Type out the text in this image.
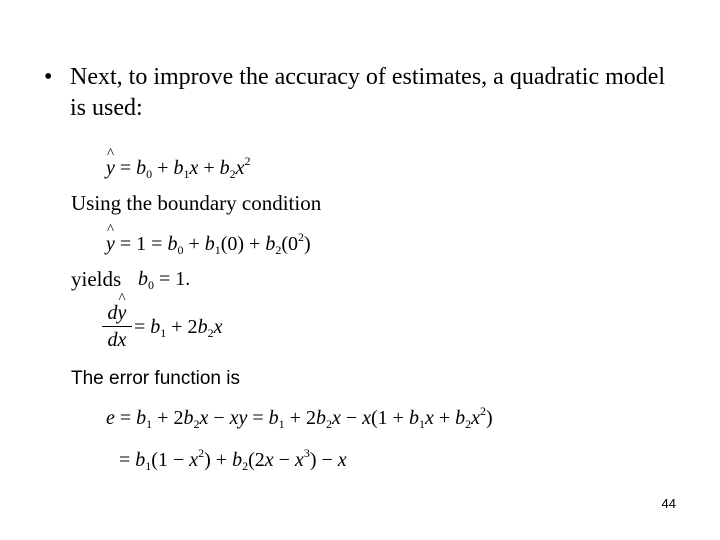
• Next, to improve the accuracy of estimates, a quadratic model is used:
^ $y = b_0 + b_1x + b_2x^2$
Using the boundary condition
^ $y = 1 = b_0 + b_1(0) + b_2(0^2)$
yields $b_0 = 1$.
d^ y
dx
= $b_1 + 2b_2x$
The error function is
$e = b_1 + 2b_2x$ − xy = $b_1 + 2b_2x - x(1 + b_1x + b_2x^2)$
= $b_1(1 - x^2) + b_2(2x - x^3) - x$
44
